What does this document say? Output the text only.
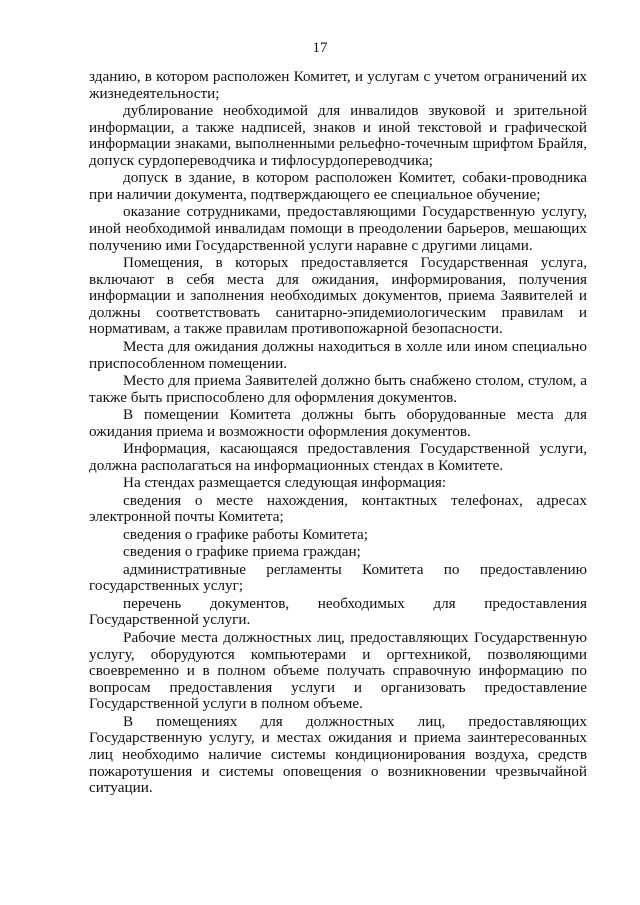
17

зданию, в котором расположен Комитет, и услугам с учетом ограничений их жизнедеятельности;

дублирование необходимой для инвалидов звуковой и зрительной информации, а также надписей, знаков и иной текстовой и графической информации знаками, выполненными рельефно-точечным шрифтом Брайля, допуск сурдопереводчика и тифлосурдопереводчика;

допуск в здание, в котором расположен Комитет, собаки-проводника при наличии документа, подтверждающего ее специальное обучение;

оказание сотрудниками, предоставляющими Государственную услугу, иной необходимой инвалидам помощи в преодолении барьеров, мешающих получению ими Государственной услуги наравне с другими лицами.

Помещения, в которых предоставляется Государственная услуга, включают в себя места для ожидания, информирования, получения информации и заполнения необходимых документов, приема Заявителей и должны соответствовать санитарно-эпидемиологическим правилам и нормативам, а также правилам противопожарной безопасности.

Места для ожидания должны находиться в холле или ином специально приспособленном помещении.

Место для приема Заявителей должно быть снабжено столом, стулом, а также быть приспособлено для оформления документов.

В помещении Комитета должны быть оборудованные места для ожидания приема и возможности оформления документов.

Информация, касающаяся предоставления Государственной услуги, должна располагаться на информационных стендах в Комитете.

На стендах размещается следующая информация:

сведения о месте нахождения, контактных телефонах, адресах электронной почты Комитета;

сведения о графике работы Комитета;

сведения о графике приема граждан;

административные регламенты Комитета по предоставлению государственных услуг;

перечень документов, необходимых для предоставления Государственной услуги.

Рабочие места должностных лиц, предоставляющих Государственную услугу, оборудуются компьютерами и оргтехникой, позволяющими своевременно и в полном объеме получать справочную информацию по вопросам предоставления услуги и организовать предоставление Государственной услуги в полном объеме.

В помещениях для должностных лиц, предоставляющих Государственную услугу, и местах ожидания и приема заинтересованных лиц необходимо наличие системы кондиционирования воздуха, средств пожаротушения и системы оповещения о возникновении чрезвычайной ситуации.
